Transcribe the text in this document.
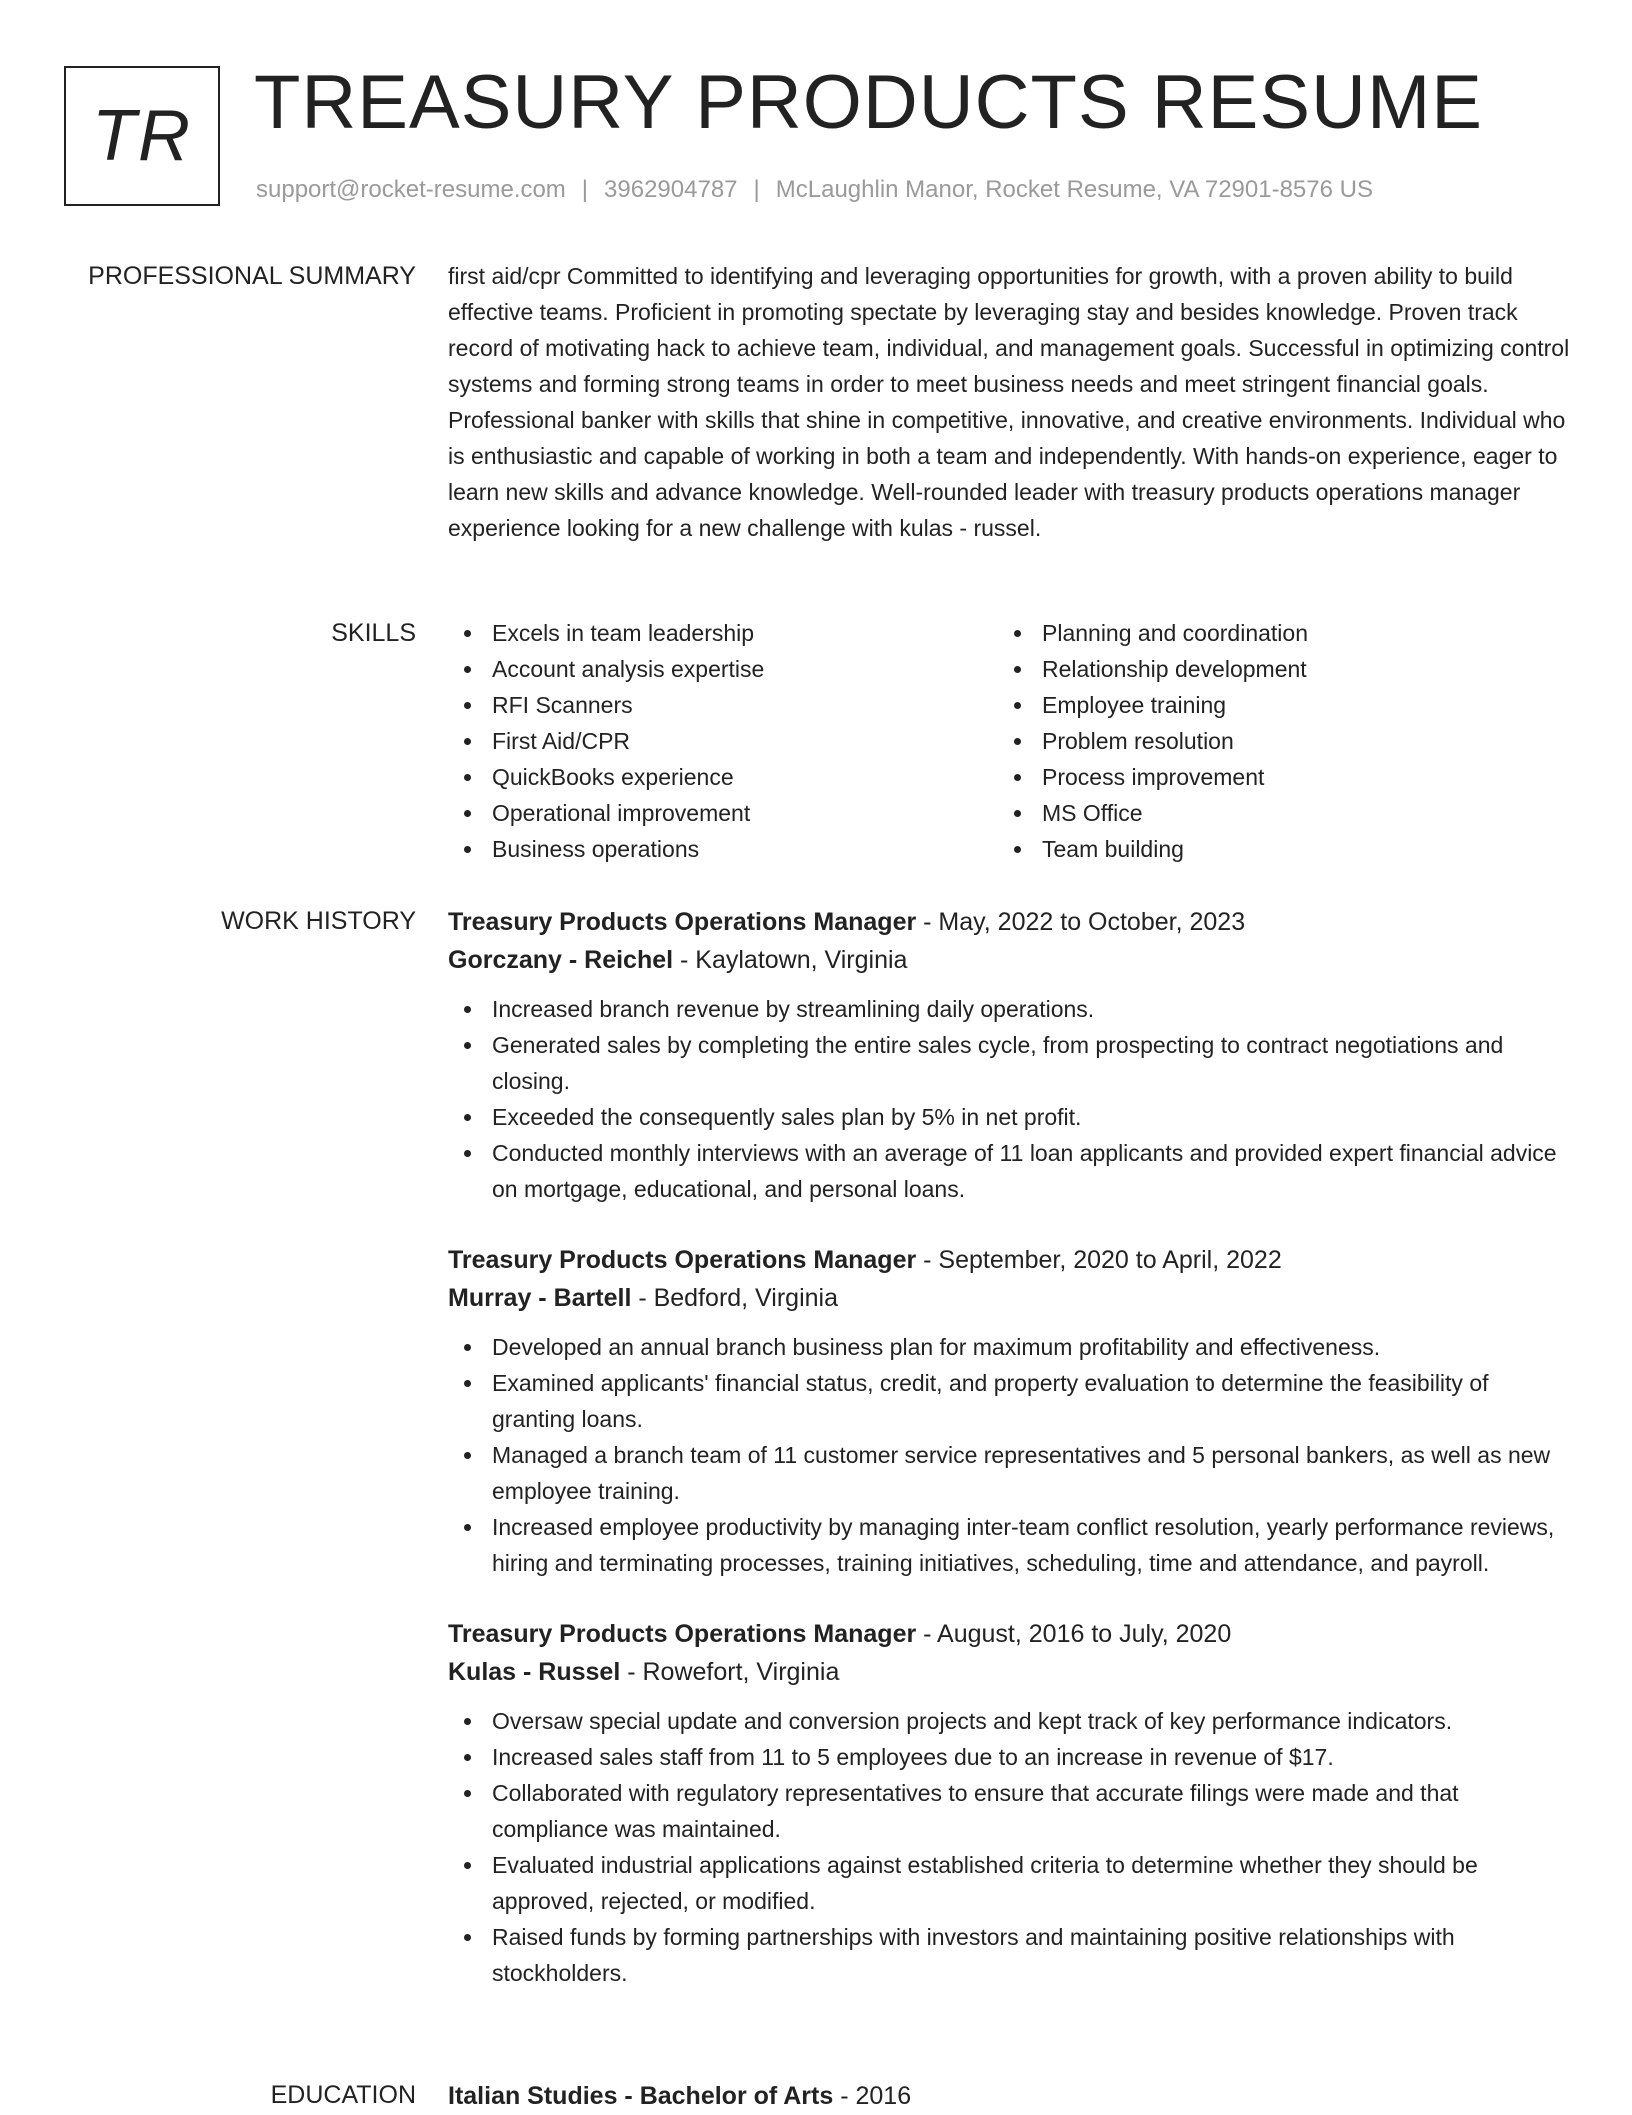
TR TREASURY PRODUCTS RESUME
support@rocket-resume.com | 3962904787 | McLaughlin Manor, Rocket Resume, VA 72901-8576 US
PROFESSIONAL SUMMARY first aid/cpr Committed to identifying and leveraging opportunities for growth, with a proven ability to build effective teams. Proficient in promoting spectate by leveraging stay and besides knowledge. Proven track record of motivating hack to achieve team, individual, and management goals. Successful in optimizing control systems and forming strong teams in order to meet business needs and meet stringent financial goals. Professional banker with skills that shine in competitive, innovative, and creative environments. Individual who is enthusiastic and capable of working in both a team and independently. With hands-on experience, eager to learn new skills and advance knowledge. Well-rounded leader with treasury products operations manager experience looking for a new challenge with kulas - russel.

SKILLS	Excels in team leadership
Account analysis expertise
RFI Scanners
First Aid/CPR
QuickBooks experience
Operational improvement
Business operations
Planning and coordination
Relationship development
Employee training
Problem resolution
Process improvement
MS Office
Team building
WORK HISTORY Treasury Products Operations Manager - May, 2022 to October, 2023
Gorczany - Reichel - Kaylatown, Virginia
Increased branch revenue by streamlining daily operations.
Generated sales by completing the entire sales cycle, from prospecting to contract negotiations and closing.
Exceeded the consequently sales plan by 5% in net profit.
Conducted monthly interviews with an average of 11 loan applicants and provided expert financial advice on mortgage, educational, and personal loans.
Treasury Products Operations Manager - September, 2020 to April, 2022
Murray - Bartell - Bedford, Virginia
Developed an annual branch business plan for maximum profitability and effectiveness.
Examined applicants' financial status, credit, and property evaluation to determine the feasibility of granting loans.
Managed a branch team of 11 customer service representatives and 5 personal bankers, as well as new employee training.
Increased employee productivity by managing inter-team conflict resolution, yearly performance reviews, hiring and terminating processes, training initiatives, scheduling, time and attendance, and payroll.
Treasury Products Operations Manager - August, 2016 to July, 2020
Kulas - Russel - Rowefort, Virginia
Oversaw special update and conversion projects and kept track of key performance indicators.
Increased sales staff from 11 to 5 employees due to an increase in revenue of $17.
Collaborated with regulatory representatives to ensure that accurate filings were made and that compliance was maintained.
Evaluated industrial applications against established criteria to determine whether they should be approved, rejected, or modified.
Raised funds by forming partnerships with investors and maintaining positive relationships with stockholders.
EDUCATION Italian Studies - Bachelor of Arts - 2016
